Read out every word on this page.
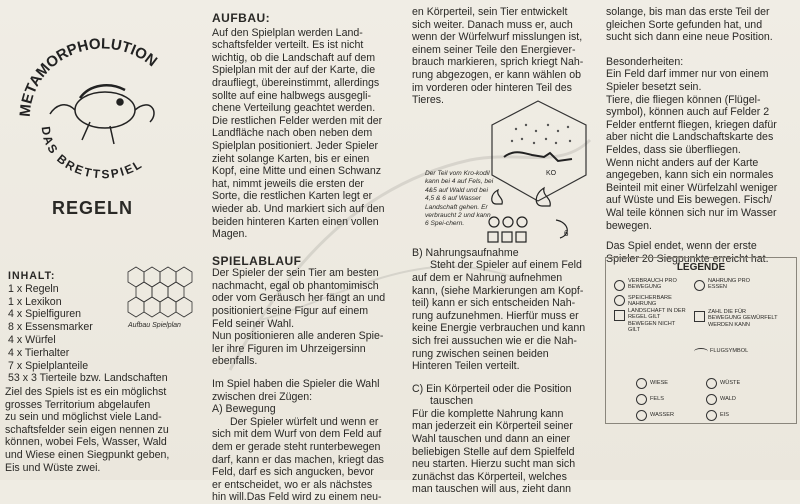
METAMORPHOLUTION
DAS BRETTSPIEL
REGELN
INHALT:
1 x Regeln
1 x Lexikon
4 x Spielfiguren
8 x Essensmarker
4 x Würfel
4 x Tierhalter
7 x Spielplanteile
53 x 3 Tierteile bzw. Landschaften
Aufbau Spielplan
Ziel des Spiels ist es ein möglichst
grosses Territorium abgelaufen
zu sein und möglichst viele Land-
schaftsfelder sein eigen nennen zu
können, wobei Fels, Wasser, Wald
und Wiese einen Siegpunkt geben,
Eis und Wüste zwei.
AUFBAU:
Auf den Spielplan werden Land-
schaftsfelder verteilt. Es ist nicht
wichtig, ob die Landschaft auf dem
Spielplan mit der auf der Karte, die
draufliegt, übereinstimmt, allerdings
sollte auf eine halbwegs ausgegli-
chene Verteilung geachtet werden.
Die restlichen Felder werden mit der
Landfläche nach oben neben dem
Spielplan positioniert. Jeder Spieler
zieht solange Karten, bis er einen
Kopf, eine Mitte und einen Schwanz
hat, nimmt jeweils die ersten der
Sorte, die restlichen Karten legt er
wieder ab. Und markiert sich auf den
beiden hinteren Karten einen vollen
Magen.
SPIELABLAUF
Der Spieler der sein Tier am besten
nachmacht, egal ob phantomimisch
oder vom Geräusch her fängt an und
positioniert seine Figur auf einem
Feld seiner Wahl.
Nun positionieren alle anderen Spie-
ler ihre Figuren im Uhrzeigersinn
ebenfalls.
Im Spiel haben die Spieler die Wahl
zwischen drei Zügen:
A) Bewegung
Der Spieler würfelt und wenn er
sich mit dem Wurf von dem Feld auf
dem er gerade steht runterbewegen
darf, kann er das machen, kriegt das
Feld, darf es sich angucken, bevor
er entscheidet, wo er als nächstes
hin will.Das Feld wird zu einem neu-
en Körperteil, sein Tier entwickelt
sich weiter. Danach muss er, auch
wenn der Würfelwurf misslungen ist,
einem seiner Teile den Energiever-
brauch markieren, sprich kriegt Nah-
rung abgezogen, er kann wählen ob
im vorderen oder hinteren Teil des
Tieres.
B) Nahrungsaufnahme
Steht der Spieler auf einem Feld
auf dem er Nahrung aufnehmen
kann, (siehe Markierungen am Kopf-
teil) kann er sich entscheiden Nah-
rung aufzunehmen. Hierfür muss er
keine Energie verbrauchen und kann
sich frei aussuchen wie er die Nah-
rung zwischen seinen beiden
Hinteren Teilen verteilt.
C) Ein Körperteil oder die Position
tauschen
Für die komplette Nahrung kann
man jederzeit ein Körperteil seiner
Wahl tauschen und dann an einer
beliebigen Stelle auf dem Spielfeld
neu starten. Hierzu sucht man sich
zunächst das Körperteil, welches
man tauschen will aus, zieht dann
KO
Der Teil vom Kro-kodil kann bei 4 auf Fels, bei 4&5 auf Wald und bei 4,5 & 6 auf Wasser Landschaft gehen. Er verbraucht 2 und kann 6 Spei-chern.
6
solange, bis man das erste Teil der
gleichen Sorte gefunden hat, und
sucht sich dann eine neue Position.
Besonderheiten:
Ein Feld darf immer nur von einem
Spieler besetzt sein.
Tiere, die fliegen können (Flügel-
symbol), können auch auf Felder 2
Felder entfernt fliegen, kriegen dafür
aber nicht die Landschaftskarte des
Feldes, dass sie überfliegen.
Wenn nicht anders auf der Karte
angegeben, kann sich ein normales
Beinteil mit einer Würfelzahl weniger
auf Wüste und Eis bewegen. Fisch/
Wal teile können sich nur im Wasser
bewegen.
Das Spiel endet, wenn der erste
Spieler 20 Siegpunkte erreicht hat.
LEGENDE
VERBRAUCH PRO BEWEGUNG
NAHRUNG PRO ESSEN
SPEICHERBARE NAHRUNG
LANDSCHAFT IN DER REGEL GILT BEWEGEN NICHT GILT
ZAHL DIE FÜR BEWEGUNG GEWÜRFELT WERDEN KANN
FLUGSYMBOL
WIESE	WÜSTE
FELS	WALD
WASSER	EIS
